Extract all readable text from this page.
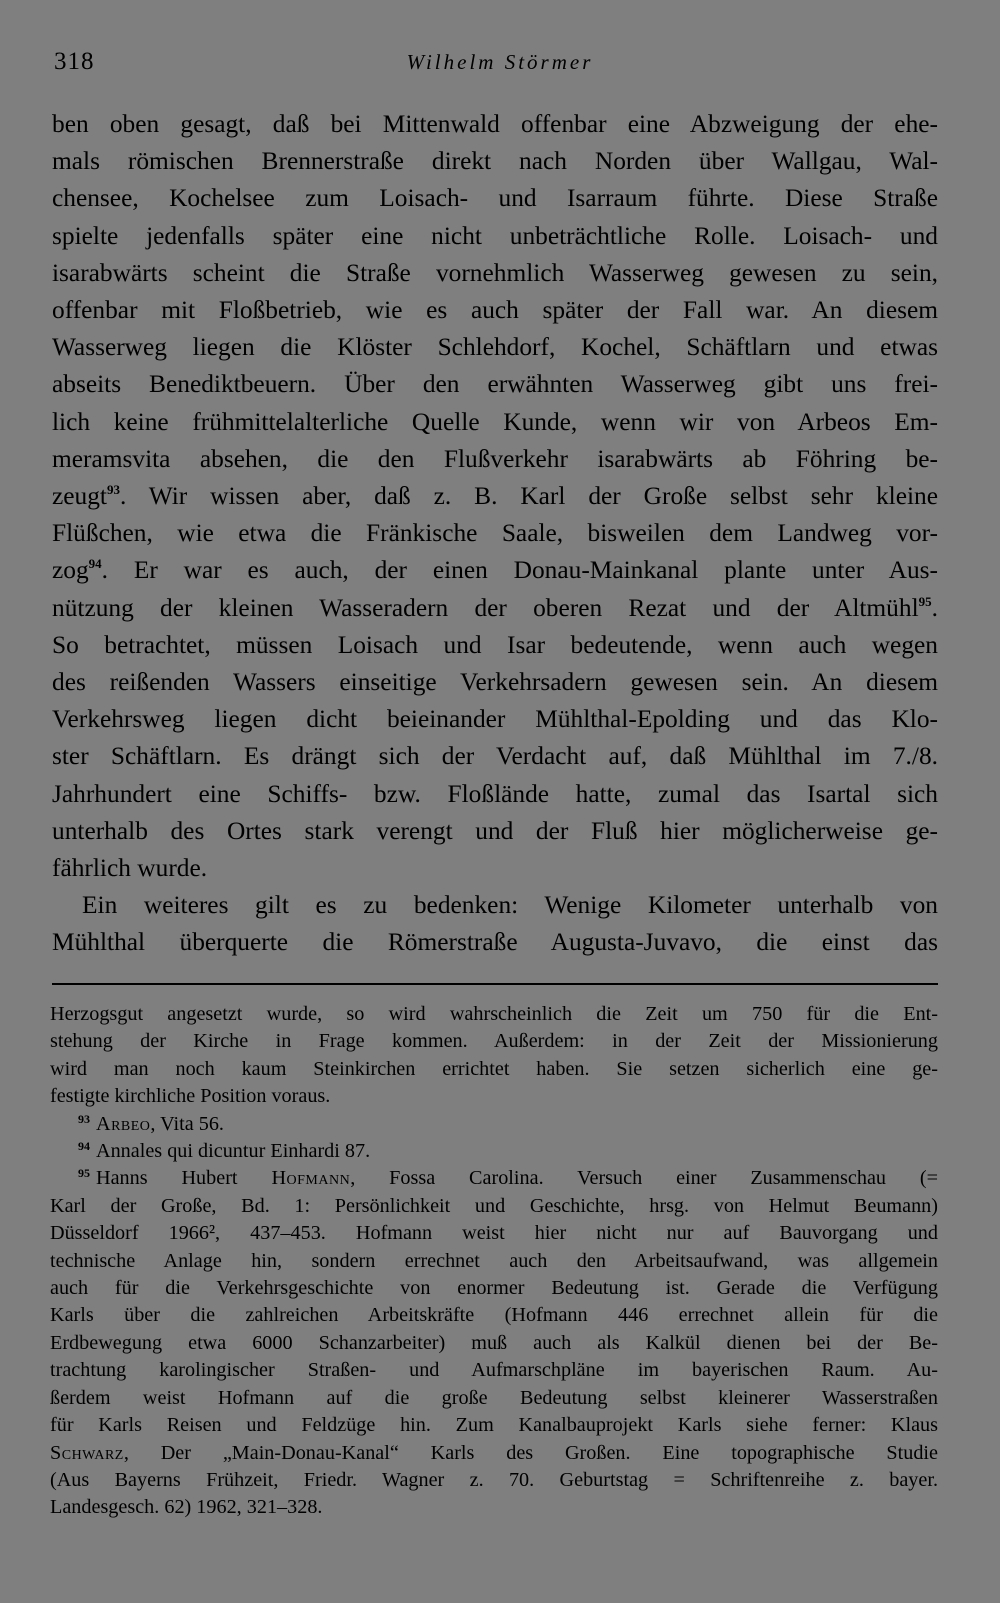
318	Wilhelm Störmer

ben oben gesagt, daß bei Mittenwald offenbar eine Abzweigung der ehe-
mals römischen Brennerstraße direkt nach Norden über Wallgau, Wal-
chensee, Kochelsee zum Loisach- und Isarraum führte. Diese Straße
spielte jedenfalls später eine nicht unbeträchtliche Rolle. Loisach- und
isarabwärts scheint die Straße vornehmlich Wasserweg gewesen zu sein,
offenbar mit Floßbetrieb, wie es auch später der Fall war. An diesem
Wasserweg liegen die Klöster Schlehdorf, Kochel, Schäftlarn und etwas
abseits Benediktbeuern. Über den erwähnten Wasserweg gibt uns frei-
lich keine frühmittelalterliche Quelle Kunde, wenn wir von Arbeos Em-
meramsvita absehen, die den Flußverkehr isarabwärts ab Föhring be-
zeugt$^{93}$. Wir wissen aber, daß z. B. Karl der Große selbst sehr kleine
Flüßchen, wie etwa die Fränkische Saale, bisweilen dem Landweg vor-
zog$^{94}$. Er war es auch, der einen Donau-Mainkanal plante unter Aus-
nützung der kleinen Wasseradern der oberen Rezat und der Altmühl$^{95}$.
So betrachtet, müssen Loisach und Isar bedeutende, wenn auch wegen
des reißenden Wassers einseitige Verkehrsadern gewesen sein. An diesem
Verkehrsweg liegen dicht beieinander Mühlthal-Epolding und das Klo-
ster Schäftlarn. Es drängt sich der Verdacht auf, daß Mühlthal im 7./8.
Jahrhundert eine Schiffs- bzw. Floßlände hatte, zumal das Isartal sich
unterhalb des Ortes stark verengt und der Fluß hier möglicherweise ge-
fährlich wurde.

Ein weiteres gilt es zu bedenken: Wenige Kilometer unterhalb von
Mühlthal überquerte die Römerstraße Augusta-Juvavo, die einst das

Herzogsgut angesetzt wurde, so wird wahrscheinlich die Zeit um 750 für die Ent-
stehung der Kirche in Frage kommen. Außerdem: in der Zeit der Missionierung
wird man noch kaum Steinkirchen errichtet haben. Sie setzen sicherlich eine ge-
festigte kirchliche Position voraus.
$^{93}$ Arbeo, Vita 56.
$^{94}$ Annales qui dicuntur Einhardi 87.
$^{95}$ Hanns Hubert Hofmann, Fossa Carolina. Versuch einer Zusammenschau (=
Karl der Große, Bd. 1: Persönlichkeit und Geschichte, hrsg. von Helmut Beumann)
Düsseldorf 1966², 437–453. Hofmann weist hier nicht nur auf Bauvorgang und
technische Anlage hin, sondern errechnet auch den Arbeitsaufwand, was allgemein
auch für die Verkehrsgeschichte von enormer Bedeutung ist. Gerade die Verfügung
Karls über die zahlreichen Arbeitskräfte (Hofmann 446 errechnet allein für die
Erdbewegung etwa 6000 Schanzarbeiter) muß auch als Kalkül dienen bei der Be-
trachtung karolingischer Straßen- und Aufmarschpläne im bayerischen Raum. Au-
ßerdem weist Hofmann auf die große Bedeutung selbst kleinerer Wasserstraßen
für Karls Reisen und Feldzüge hin. Zum Kanalbauprojekt Karls siehe ferner: Klaus
Schwarz, Der „Main-Donau-Kanal“ Karls des Großen. Eine topographische Studie
(Aus Bayerns Frühzeit, Friedr. Wagner z. 70. Geburtstag = Schriftenreihe z. bayer.
Landesgesch. 62) 1962, 321–328.
